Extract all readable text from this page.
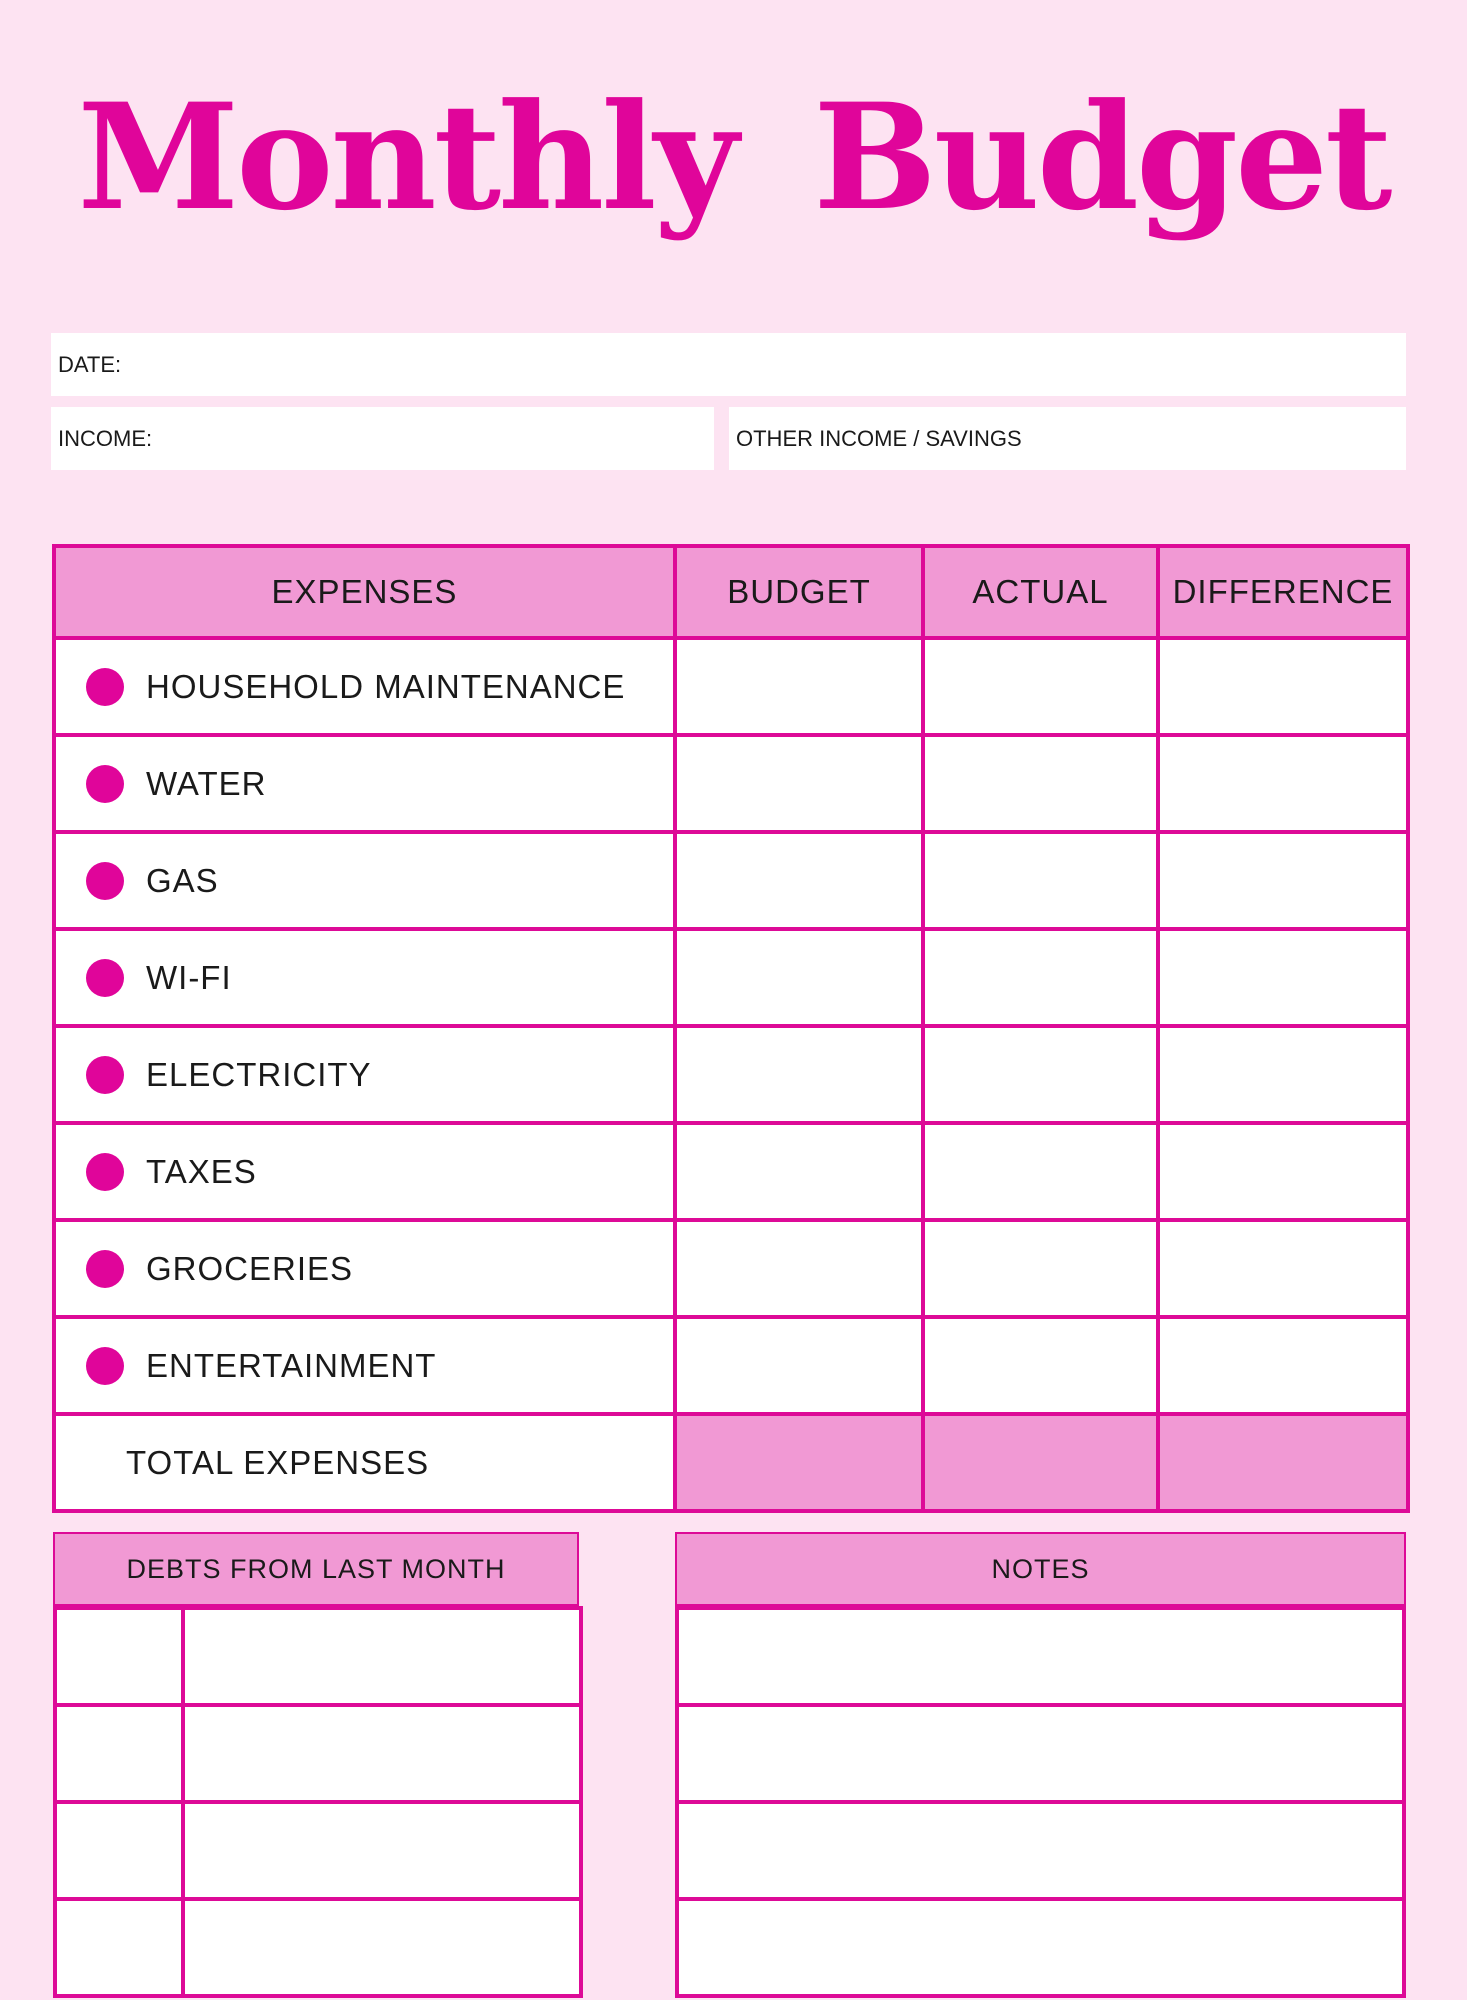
Monthly Budget
DATE:
INCOME:	OTHER INCOME / SAVINGS
EXPENSES	BUDGET	ACTUAL	DIFFERENCE

HOUSEHOLD MAINTENANCE			

WATER			

GAS			

WI-FI			

ELECTRICITY			

TAXES			

GROCERIES			

ENTERTAINMENT			

TOTAL EXPENSES			
DEBTS FROM LAST MONTH

		NOTES
